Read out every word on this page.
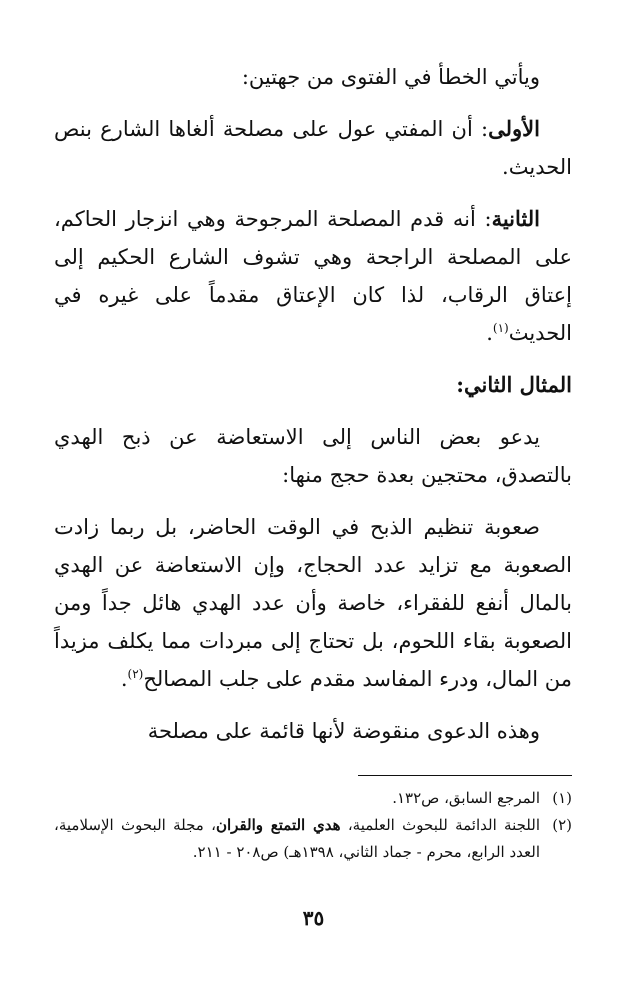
ويأتي الخطأ في الفتوى من جهتين:

الأولى: أن المفتي عول على مصلحة ألغاها الشارع بنص الحديث.

الثانية: أنه قدم المصلحة المرجوحة وهي انزجار الحاكم، على المصلحة الراجحة وهي تشوف الشارع الحكيم إلى إعتاق الرقاب، لذا كان الإعتاق مقدماً على غيره في الحديث$^{(١)}$.

المثال الثاني:

يدعو بعض الناس إلى الاستعاضة عن ذبح الهدي بالتصدق، محتجين بعدة حجج منها:

صعوبة تنظيم الذبح في الوقت الحاضر، بل ربما زادت الصعوبة مع تزايد عدد الحجاج، وإن الاستعاضة عن الهدي بالمال أنفع للفقراء، خاصة وأن عدد الهدي هائل جداً ومن الصعوبة بقاء اللحوم، بل تحتاج إلى مبردات مما يكلف مزيداً من المال، ودرء المفاسد مقدم على جلب المصالح$^{(٢)}$.

وهذه الدعوى منقوضة لأنها قائمة على مصلحة

(١)
المرجع السابق، ص١٣٢.
(٢)
اللجنة الدائمة للبحوث العلمية، هدي التمتع والقران، مجلة البحوث الإسلامية، العدد الرابع، محرم - جماد الثاني، ١٣٩٨هـ) ص٢٠٨ - ٢١١.
٣٥
